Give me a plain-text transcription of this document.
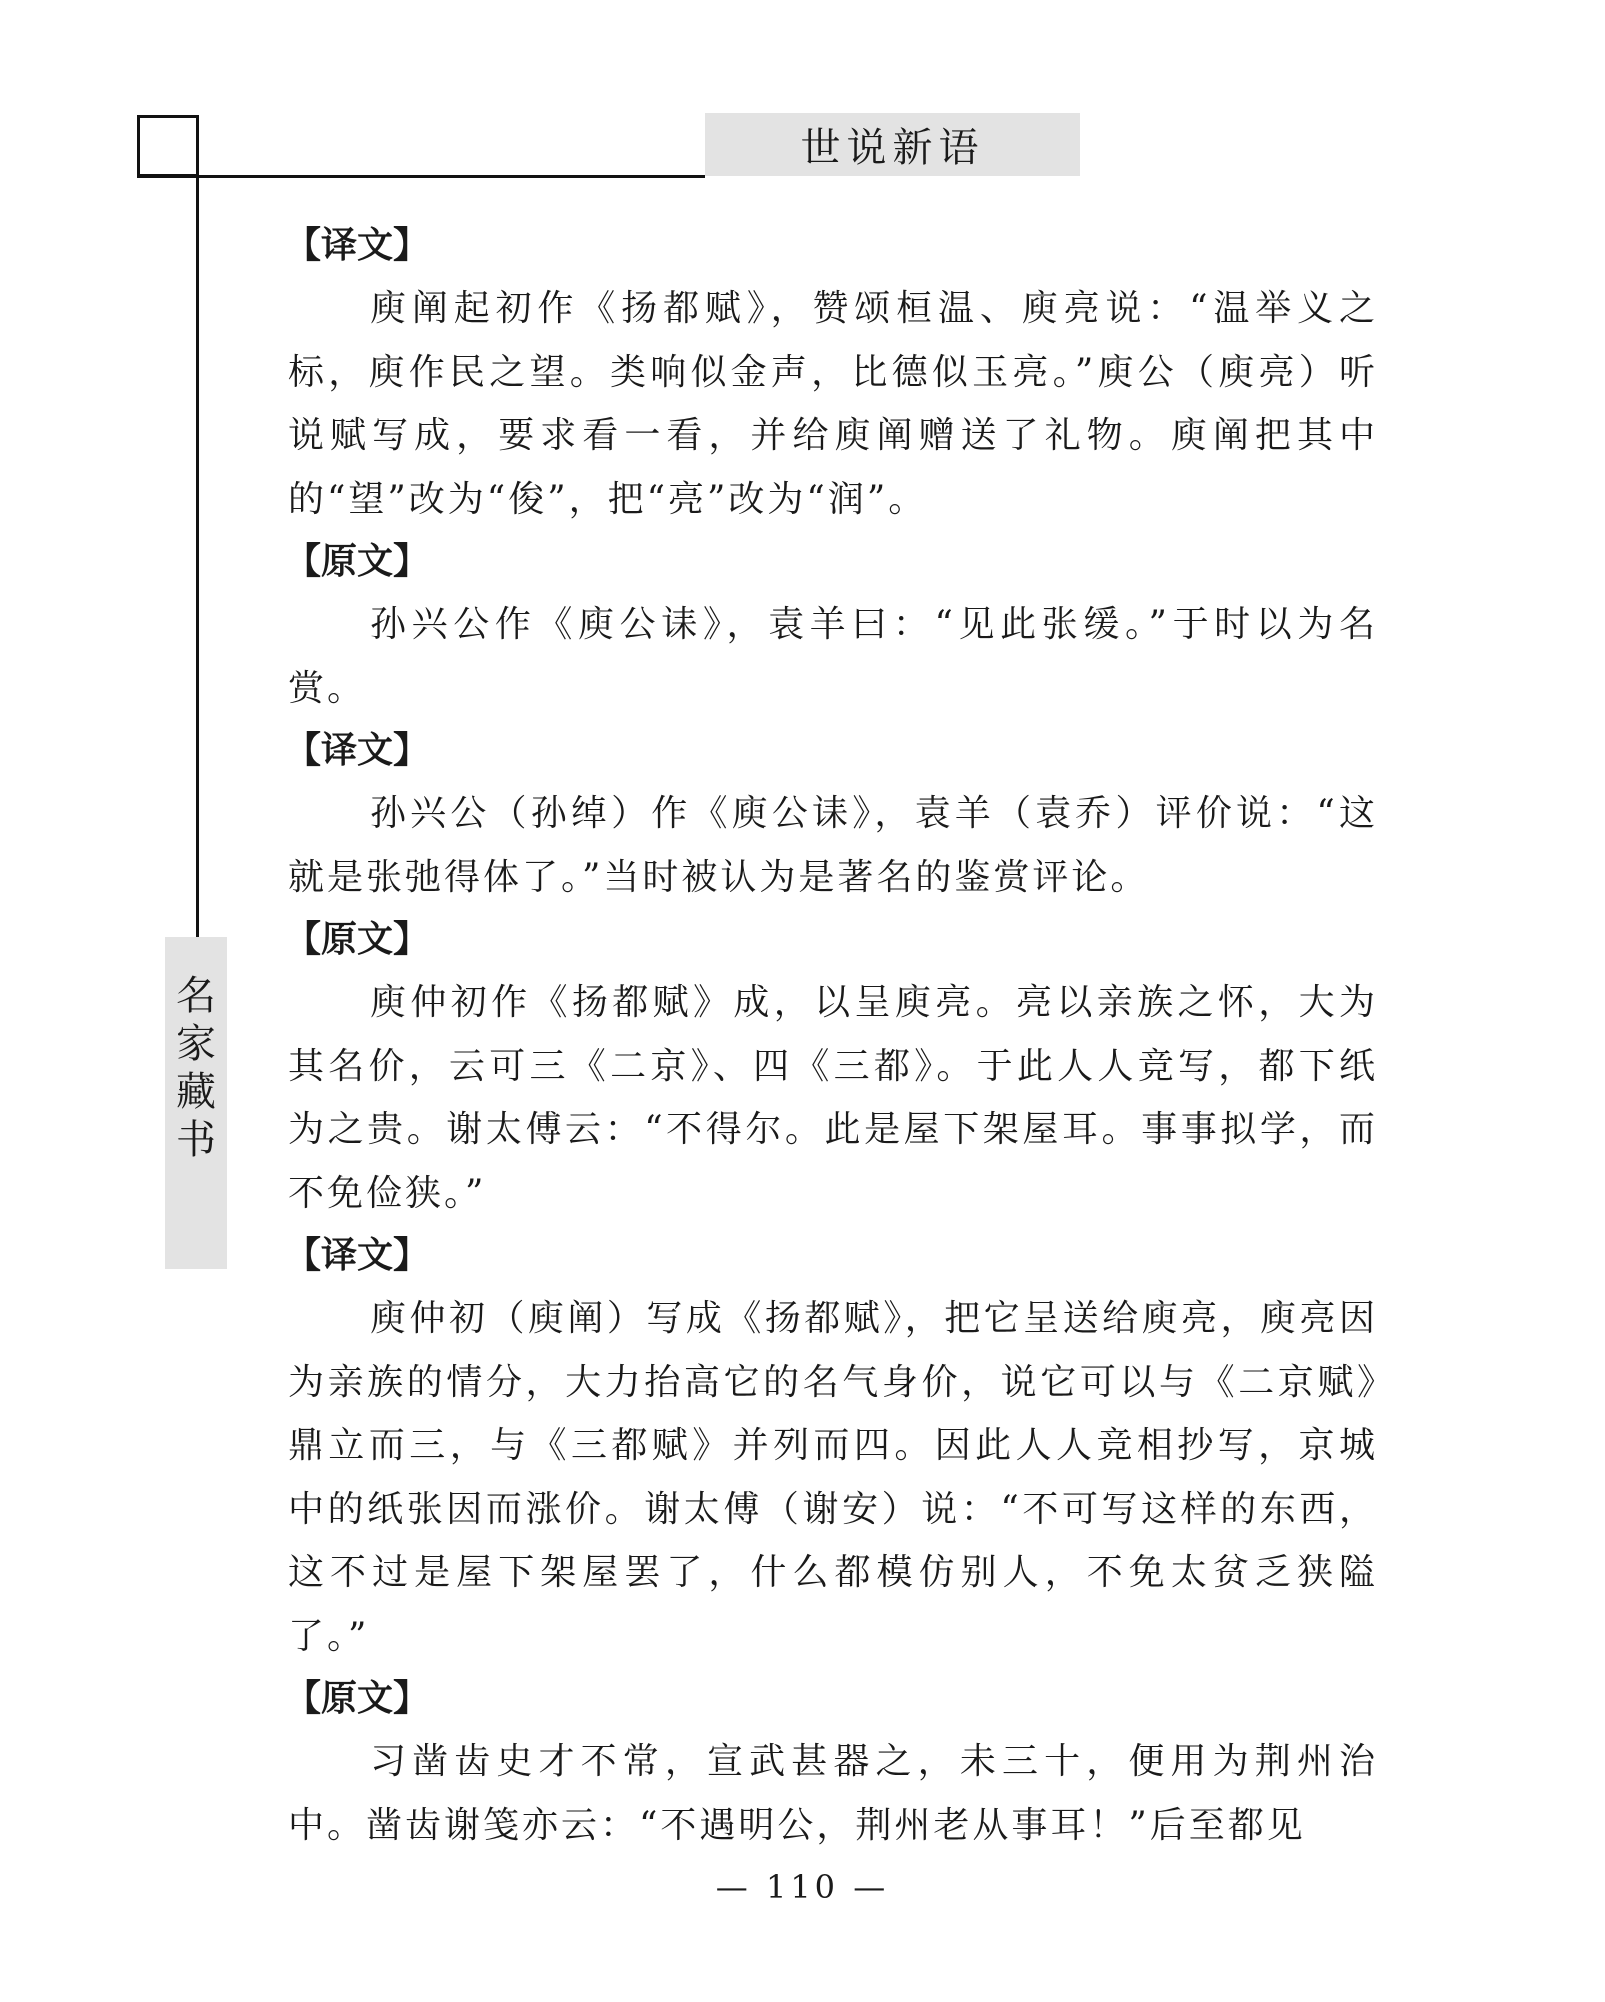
世说新语
名
家
藏
书
【译文】

庾阐起初作《扬都赋》，赞颂桓温、庾亮说：“温举义之标，庾作民之望。类响似金声，比德似玉亮。”庾公（庾亮）听说赋写成，要求看一看，并给庾阐赠送了礼物。庾阐把其中的“望”改为“俊”，把“亮”改为“润”。

【原文】

孙兴公作《庾公诔》，袁羊曰：“见此张缓。”于时以为名赏。

【译文】

孙兴公（孙绰）作《庾公诔》，袁羊（袁乔）评价说：“这就是张弛得体了。”当时被认为是著名的鉴赏评论。

【原文】

庾仲初作《扬都赋》成，以呈庾亮。亮以亲族之怀，大为其名价，云可三《二京》、四《三都》。于此人人竞写，都下纸为之贵。谢太傅云：“不得尔。此是屋下架屋耳。事事拟学，而不免俭狭。”

【译文】

庾仲初（庾阐）写成《扬都赋》，把它呈送给庾亮，庾亮因为亲族的情分，大力抬高它的名气身价，说它可以与《二京赋》鼎立而三，与《三都赋》并列而四。因此人人竞相抄写，京城中的纸张因而涨价。谢太傅（谢安）说：“不可写这样的东西，这不过是屋下架屋罢了，什么都模仿别人，不免太贫乏狭隘了。”

【原文】

习凿齿史才不常，宣武甚器之，未三十，便用为荆州治中。凿齿谢笺亦云：“不遇明公，荆州老从事耳！”后至都见

— 110 —
